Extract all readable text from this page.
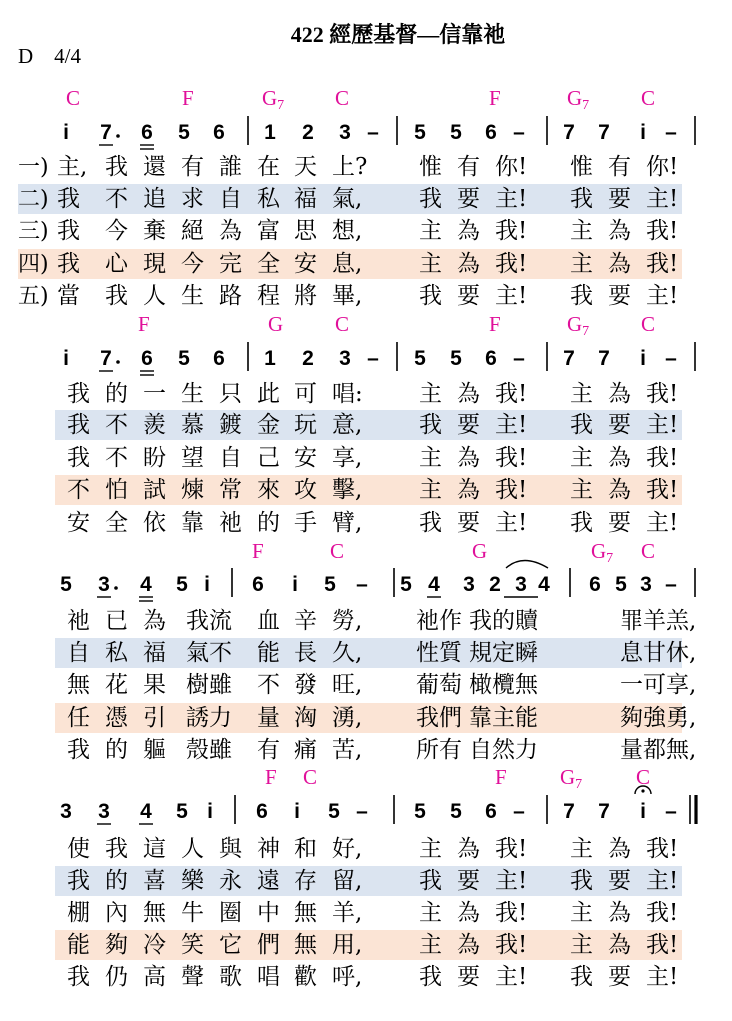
422 經歷基督—信靠祂
D    4/4
C	F	G7 C	F	G7 C
i 7 6 5 6 1 2 3 – 5 5 6 – 7 7 i –
一) 主, 我 還 有 誰 在 天 上? 惟 有 你! 惟 有 你!
二) 我 不 追 求 自 私 福 氣, 我 要 主! 我 要 主!
三) 我 今 棄 絕 為 富 思 想, 主 為 我! 主 為 我!
四) 我 心 現 今 完 全 安 息, 主 為 我! 主 為 我!
五) 當 我 人 生 路 程 將 畢, 我 要 主! 我 要 主!
F	G C	F	G7 C
i 7 6 5 6 1 2 3 – 5 5 6 – 7 7 i –
我 的 一 生 只 此 可 唱: 主 為 我! 主 為 我!
我 不 羨 慕 鍍 金 玩 意, 我 要 主! 我 要 主!
我 不 盼 望 自 己 安 享, 主 為 我! 主 為 我!
不 怕 試 煉 常 來 攻 擊, 主 為 我! 主 為 我!
安 全 依 靠 祂 的 手 臂, 我 要 主! 我 要 主!
F	C	G	G7 C
5 3 4 5 i 6 i 5 – 5 4 3 2 3 4 6 5 3 –
祂 已 為 我流 血 辛 勞, 祂作 我的贖	罪羊羔,
自 私 福 氣不 能 長 久, 性質 規定瞬	息甘休,
無 花 果 樹雖 不 發 旺, 葡萄 橄欖無	一可享,
任 憑 引 誘力 量 洶 湧, 我們 靠主能	夠強勇,
我 的 軀 殼雖 有 痛 苦, 所有 自然力	量都無,
F C	F	G7	C
3 3 4 5 i 6 i 5 – 5 5 6 – 7 7 i –
使 我 這 人 與 神 和 好, 主 為 我! 主 為 我!
我 的 喜 樂 永 遠 存 留, 我 要 主! 我 要 主!
棚 內 無 牛 圈 中 無 羊, 主 為 我! 主 為 我!
能 夠 冷 笑 它 們 無 用, 主 為 我! 主 為 我!
我 仍 高 聲 歌 唱 歡 呼, 我 要 主! 我 要 主!
